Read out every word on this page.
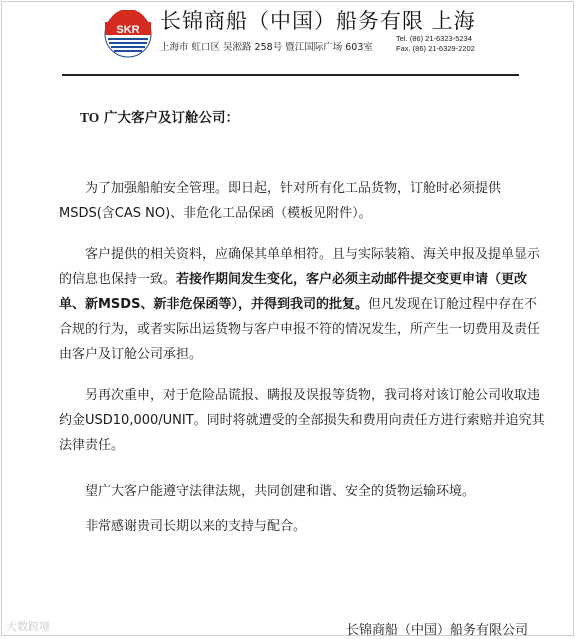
SKR 长锦商船（中国）船务有限 上海
上海市 虹口区 吴淞路 258号 暨江国际广场 603室
Tel. (86) 21-6323-5234
Fax. (86) 21-6329-2202
TO 广大客户及订舱公司：

为了加强船舶安全管理。即日起，针对所有化工品货物，订舱时必须提供MSDS(含CAS NO)、非危化工品保函（模板见附件）。

客户提供的相关资料，应确保其单单相符。且与实际装箱、海关申报及提单显示的信息也保持一致。若接作期间发生变化，客户必须主动邮件提交变更申请（更改单、新MSDS、新非危保函等），并得到我司的批复。但凡发现在订舱过程中存在不合规的行为，或者实际出运货物与客户申报不符的情况发生，所产生一切费用及责任由客户及订舱公司承担。

另再次重申，对于危险品谎报、瞒报及误报等货物，我司将对该订舱公司收取违约金USD10,000/UNIT。同时将就遭受的全部损失和费用向责任方进行索赔并追究其法律责任。

望广大客户能遵守法律法规，共同创建和谐、安全的货物运输环境。

非常感谢贵司长期以来的支持与配合。

大数跨境	长锦商船（中国）船务有限公司
